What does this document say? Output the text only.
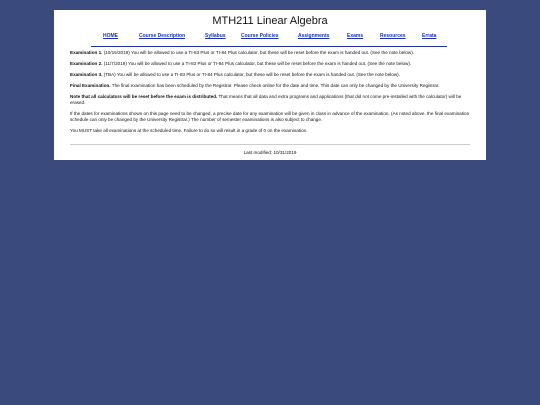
MTH211 Linear Algebra
HOME	Course Description	Syllabus	Course Policies	Assignments	Exams	Resources	Errata

Examination 1. (10/15/2019) You will be allowed to use a TI-83 Plus or TI-84 Plus calculator, but these will be reset before the exam is handed out. (See the note below).

Examination 2. (11/7/2019) You will be allowed to use a TI-83 Plus or TI-84 Plus calculator, but these will be reset before the exam is handed out. (See the note below).

Examination 3. (TBA) You will be allowed to use a TI-83 Plus or TI-84 Plus calculator, but these will be reset before the exam is handed out. (See the note below).

Final Examination. The final examination has been scheduled by the Registrar. Please check online for the date and time. This date can only be changed by the University Registrar.

Note that all calculators will be reset before the exam is distributed. That means that all data and extra programs and applications (that did not come pre-installed with the calculator) will be erased.

If the dates for examinations shown on this page need to be changed, a precise date for any examination will be given in class in advance of the examination. (As noted above, the final examination schedule can only be changed by the University Registrar.) The number of semester examinations is also subject to change.

You MUST take all examinations at the scheduled time. Failure to do so will result in a grade of 0 on the examination.

Last modified: 10/31/2019
